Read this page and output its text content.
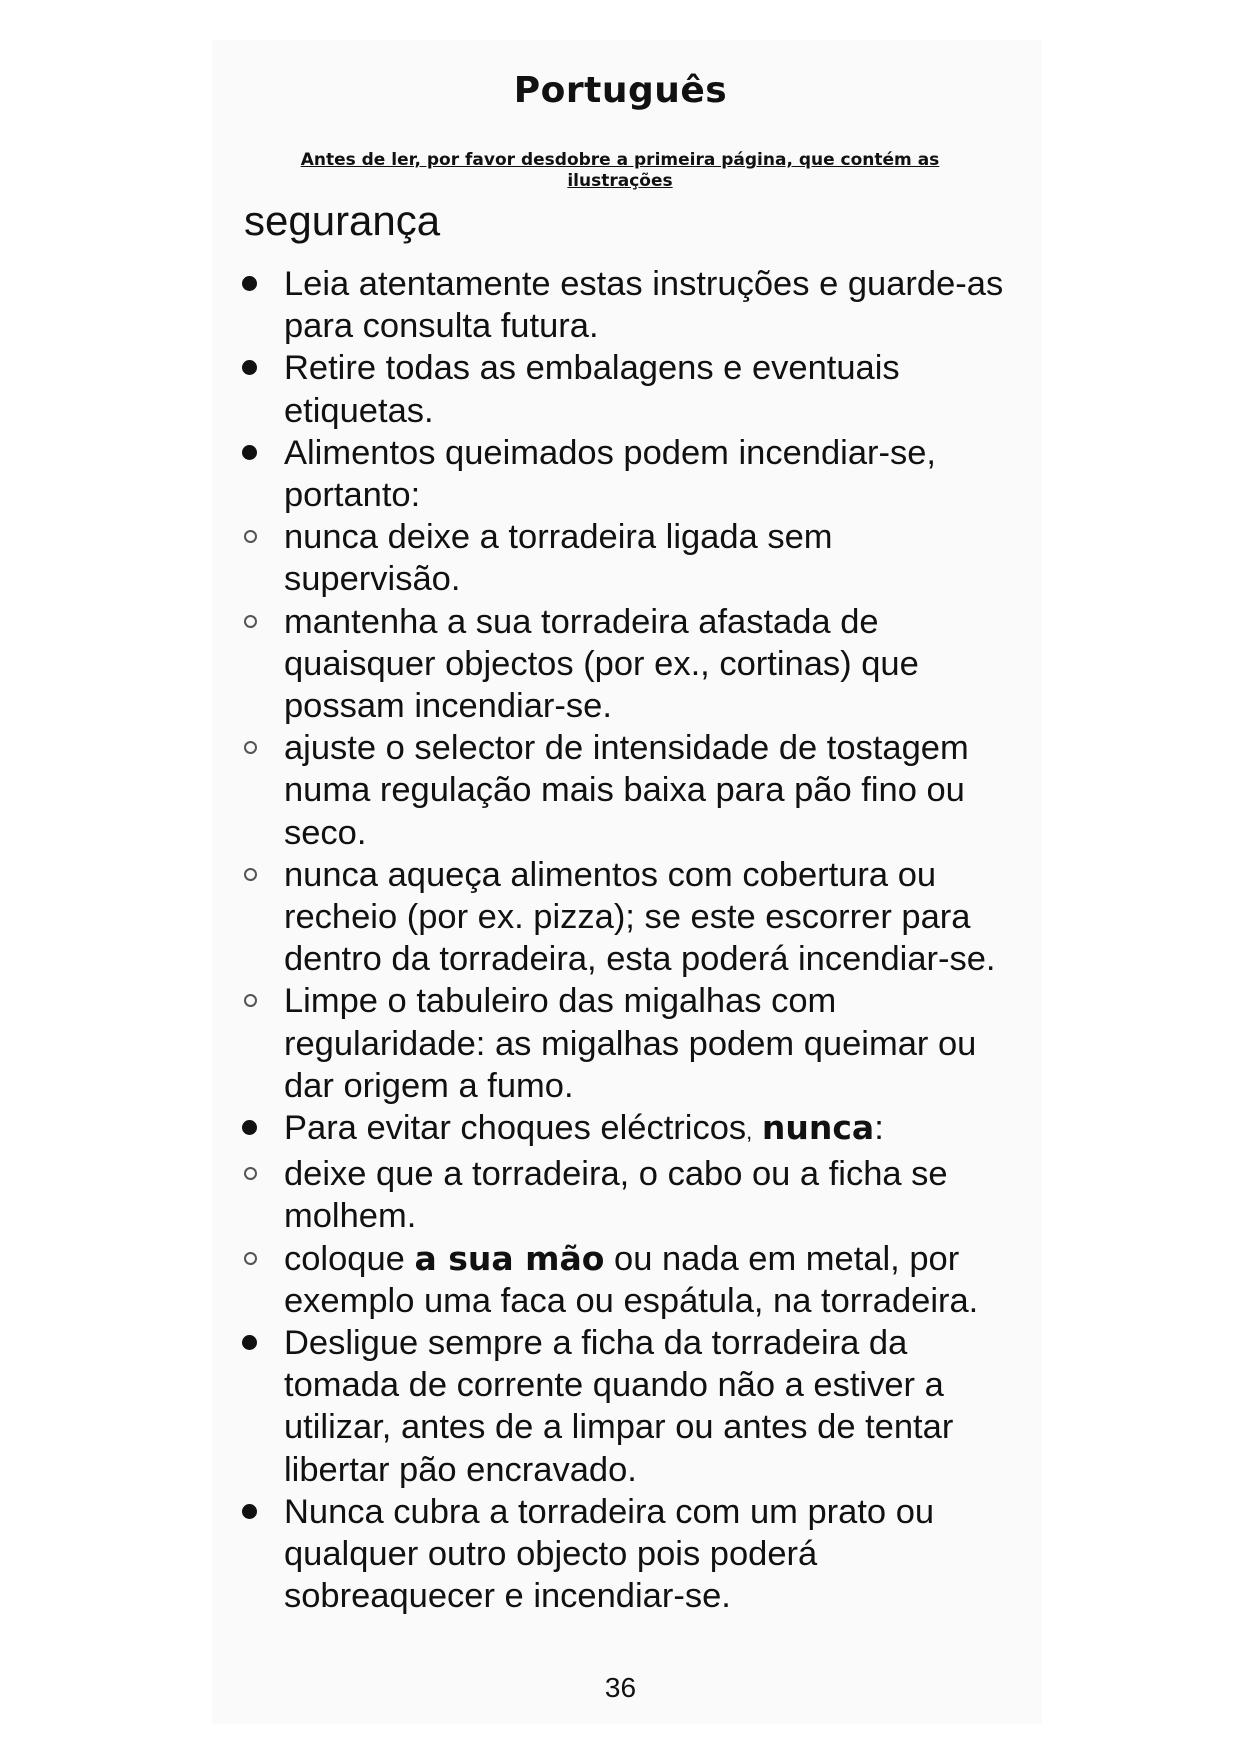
Português
Antes de ler, por favor desdobre a primeira página, que contém as ilustrações
segurança
Leia atentamente estas instruções e guarde-as para consulta futura.
Retire todas as embalagens e eventuais etiquetas.
Alimentos queimados podem incendiar-se, portanto:
nunca deixe a torradeira ligada sem supervisão.
mantenha a sua torradeira afastada de quaisquer objectos (por ex., cortinas) que possam incendiar-se.
ajuste o selector de intensidade de tostagem numa regulação mais baixa para pão fino ou seco.
nunca aqueça alimentos com cobertura ou recheio (por ex. pizza); se este escorrer para dentro da torradeira, esta poderá incendiar-se.
Limpe o tabuleiro das migalhas com regularidade: as migalhas podem queimar ou dar origem a fumo.
Para evitar choques eléctricos, nunca:
deixe que a torradeira, o cabo ou a ficha se molhem.
coloque a sua mão ou nada em metal, por exemplo uma faca ou espátula, na torradeira.
Desligue sempre a ficha da torradeira da tomada de corrente quando não a estiver a utilizar, antes de a limpar ou antes de tentar libertar pão encravado.
Nunca cubra a torradeira com um prato ou qualquer outro objecto pois poderá sobreaquecer e incendiar-se.
36
